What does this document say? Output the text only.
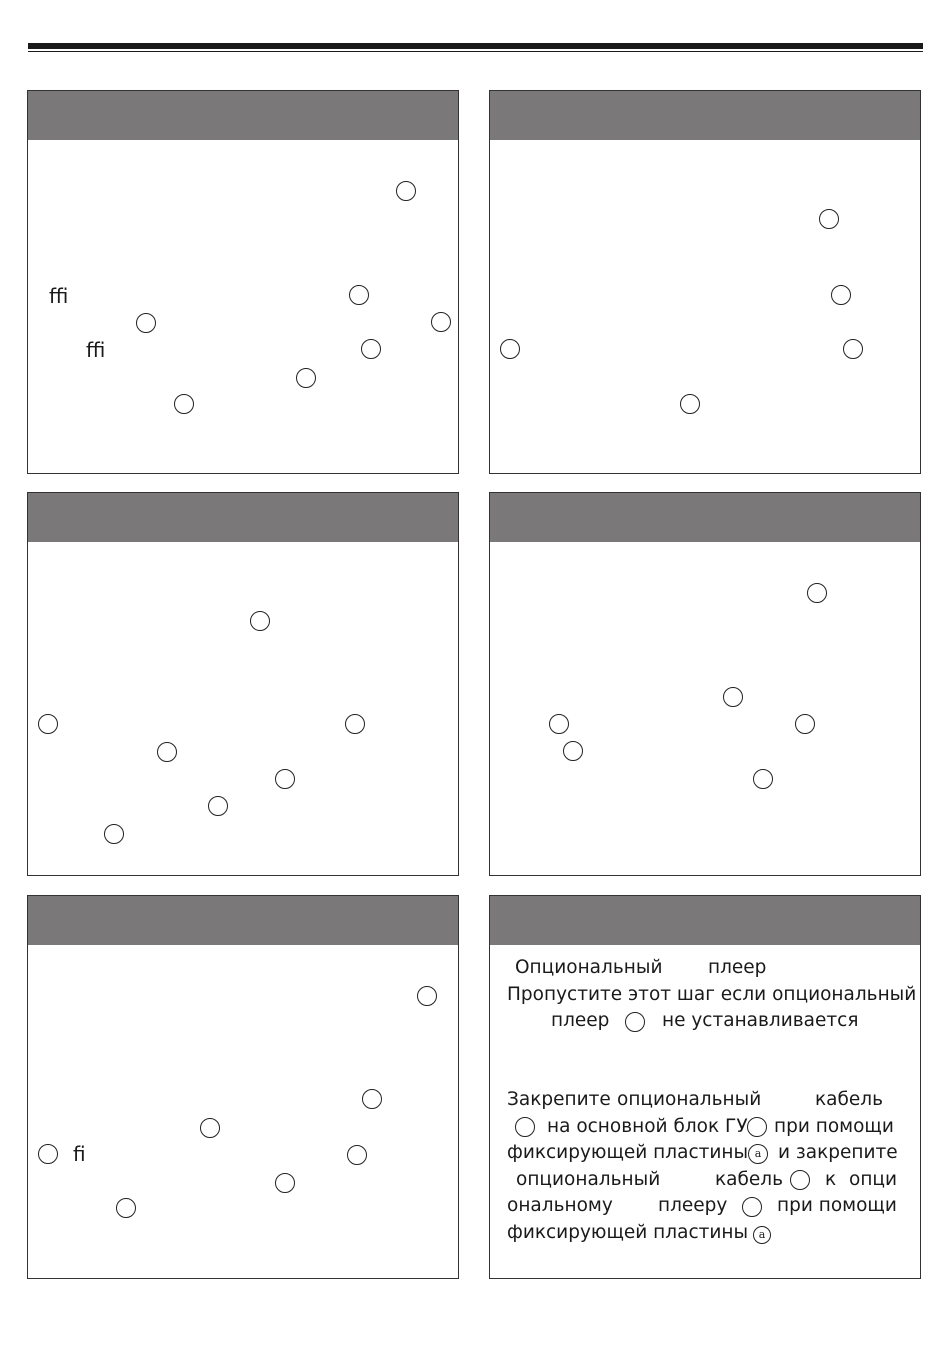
ﬃ
ﬃ
ﬁ
Опциональный плеер
Пропустите этот шаг если опциональный
плеер	не устанавливается
Закрепите опциональный	кабель
на основной блок ГУ при помощи
фиксирующей пластины a и закрепите
опциональный	кабель к опци
ональному плееру	при помощи
фиксирующей пластины a
